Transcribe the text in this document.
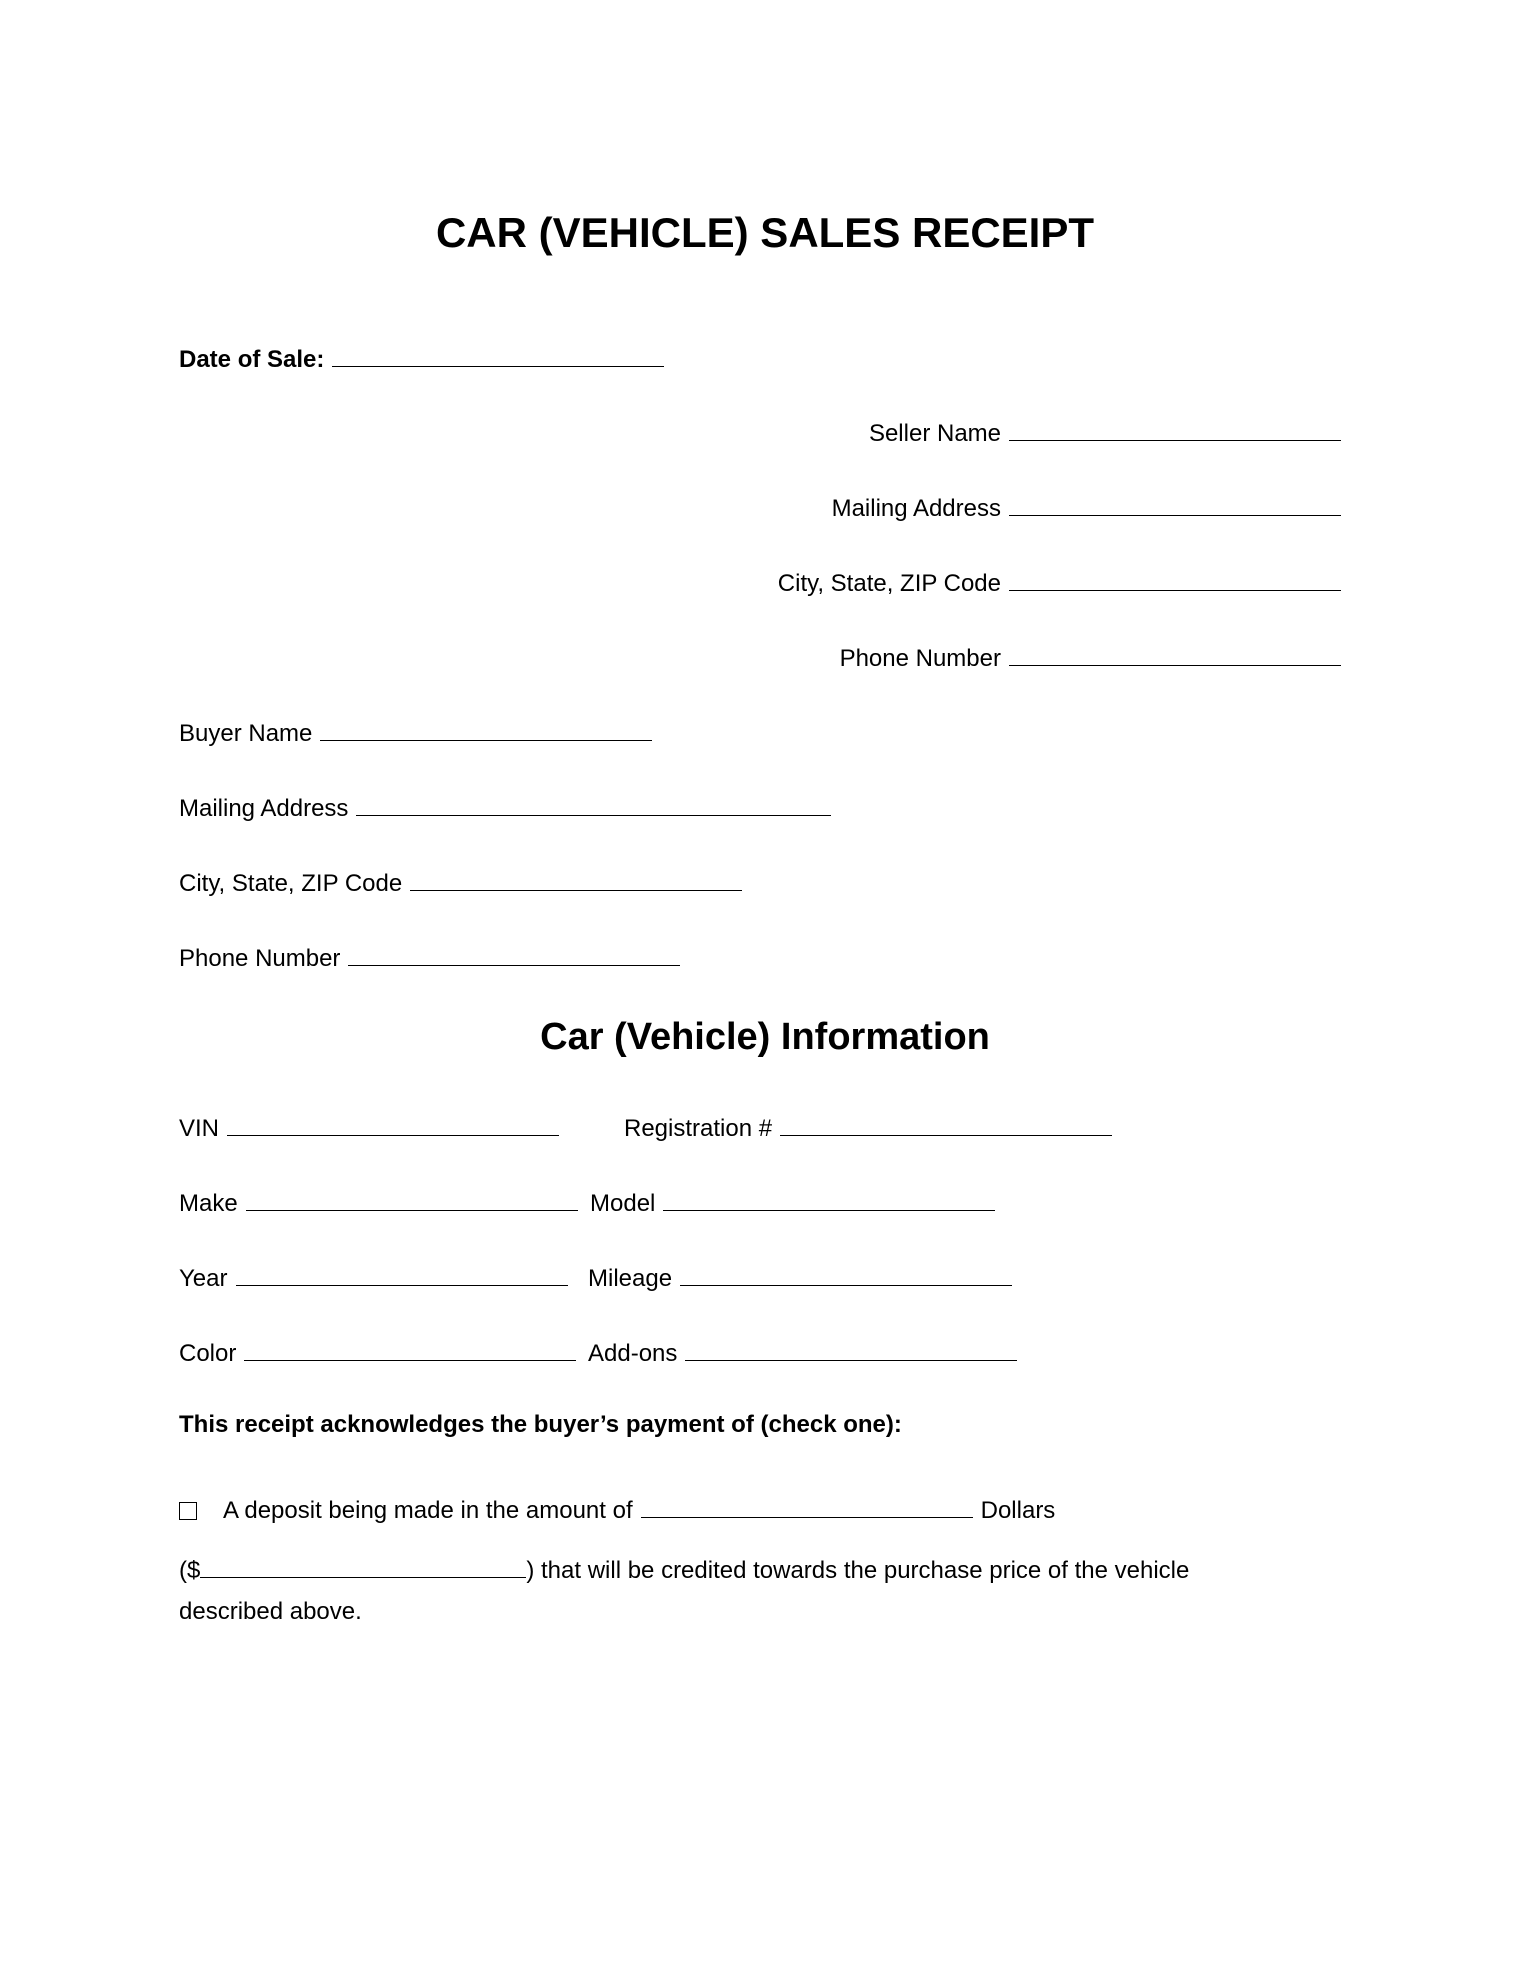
CAR (VEHICLE) SALES RECEIPT
Date of Sale:
Seller Name
Mailing Address
City, State, ZIP Code
Phone Number
Buyer Name
Mailing Address
City, State, ZIP Code
Phone Number
Car (Vehicle) Information
VIN	Registration #
Make	Model
Year	Mileage
Color	Add-ons
This receipt acknowledges the buyer’s payment of (check one):
A deposit being made in the amount of	Dollars
($	) that will be credited towards the purchase price of the vehicle
described above.
